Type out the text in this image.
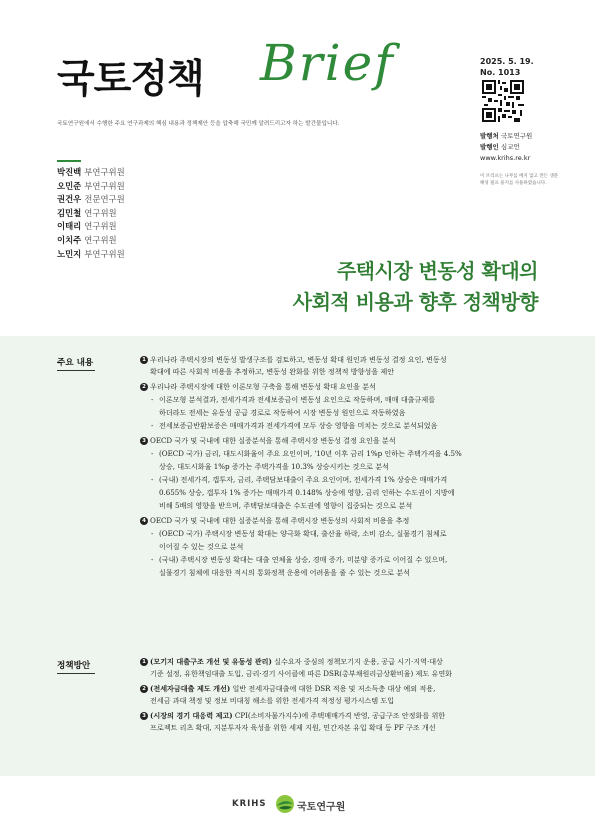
국토정책 Brief
국토연구원에서 수행한 주요 연구과제의 핵심 내용과 정책제안 등을 압축해 국민께 알려드리고자 하는 발간물입니다.
2025. 5. 19.
No. 1013
발행처 국토연구원
발행인 심교언
www.krihs.re.kr
이 브리프는 나무를 베지 않고 만든 생분해성 필프 용지를 사용하였습니다.
박진백 부연구위원
오민준 부연구위원
권건우 전문연구원
김민철 연구위원
이태리 연구위원
이치주 연구위원
노민지 부연구위원
주택시장 변동성 확대의
사회적 비용과 향후 정책방향
주요 내용	1 우리나라 주택시장의 변동성 발생구조를 검토하고, 변동성 확대 원인과 변동성 결정 요인, 변동성
확대에 따른 사회적 비용을 추정하고, 변동성 완화를 위한 정책적 방향성을 제안
2 우리나라 주택시장에 대한 이론모형 구축을 통해 변동성 확대 요인을 분석
- 이론모형 분석결과, 전세가격과 전세보증금이 변동성 요인으로 작동하며, 매매 대출규제를
하더라도 전세는 유동성 공급 경로로 작동하여 시장 변동성 원인으로 작동하였음
- 전세보증금반환보증은 매매가격과 전세가격에 모두 상승 영향을 미치는 것으로 분석되었음
3 OECD 국가 및 국내에 대한 실증분석을 통해 주택시장 변동성 결정 요인을 분석
- (OECD 국가) 금리, 대도시화율이 주요 요인이며, '10년 이후 금리 1%p 인하는 주택가격을 4.5%
상승, 대도시화율 1%p 증가는 주택가격을 10.3% 상승시키는 것으로 분석
- (국내) 전세가격, 갭투자, 금리, 주택담보대출이 주요 요인이며, 전세가격 1% 상승은 매매가격
0.655% 상승, 갭투자 1% 증가는 매매가격 0.148% 상승에 영향, 금리 인하는 수도권이 지방에
비해 5배의 영향을 받으며, 주택담보대출은 수도권에 영향이 집중되는 것으로 분석
4 OECD 국가 및 국내에 대한 실증분석을 통해 주택시장 변동성의 사회적 비용을 추정
- (OECD 국가) 주택시장 변동성 확대는 양극화 확대, 출산율 하락, 소비 감소, 실물경기 침체로
이어질 수 있는 것으로 분석
- (국내) 주택시장 변동성 확대는 대출 연체율 상승, 경매 증가, 미분양 증가로 이어질 수 있으며,
실물경기 침체에 대응한 적시의 통화정책 운용에 어려움을 줄 수 있는 것으로 분석
정책방안	1 (모기지 대출구조 개선 및 유동성 관리) 실수요자 중심의 정책모기지 운용, 공급 시기·지역·대상
기준 설정, 유한책임대출 도입, 금리·경기 사이클에 따른 DSR(총부채원리금상환비율) 제도 유연화
2 (전세자금대출 제도 개선) 일반 전세자금대출에 대한 DSR 적용 및 저소득층 대상 예외 적용,
전세금 과대 책정 및 정보 비대칭 해소를 위한 전세가격 적정성 평가시스템 도입
3 (시장의 경기 대응력 제고) CPI(소비자물가지수)에 주택매매가격 반영, 공급구조 안정화를 위한
프로젝트 리츠 확대, 지분투자자 육성을 위한 세제 지원, 민간자본 유입 확대 등 PF 구조 개선
KRIHS	국토연구원
